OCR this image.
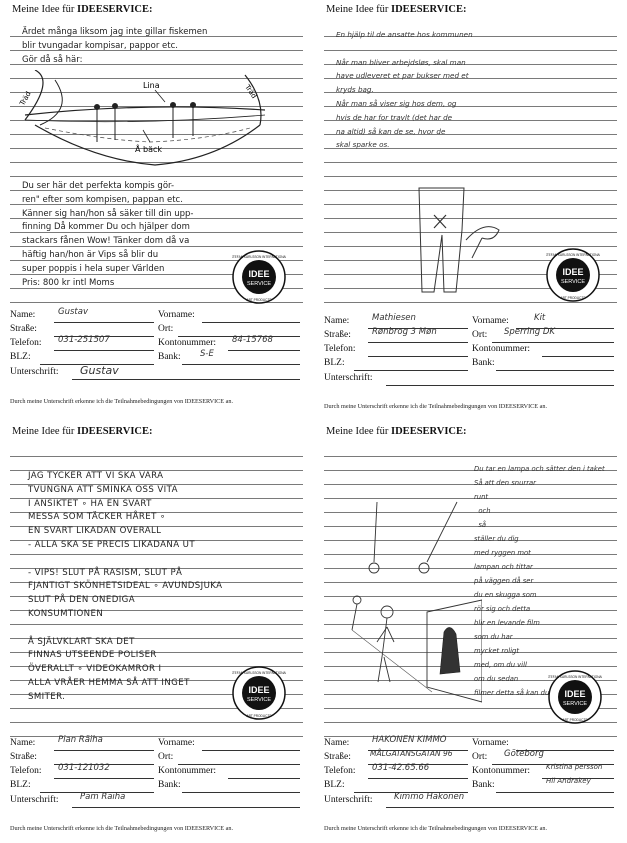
Meine Idee für IDEESERVICE:
Ärdet många liksom jag inte gillar fiskemen
blir tvungadar kompisar, pappor etc.
Gör då så här:
Lina
Å bäck
Träd	Träd
Du ser här det perfekta kompis gör-
ren" efter som kompisen, pappan etc.
Känner sig han/hon så säker till din upp-
finning Då kommer Du och hjälper dom
stackars fånen Wow! Tänker dom då va
häftig han/hon är Vips så blir du
super poppis i hela super Världen
Pris: 800 kr intl Moms
IDEE
SERVICE
STEFAN KARLSSON INTERNATIONAL
ART PRODUCTS
Name:	Gustav	Vorname:
Straße:	Ort:
Telefon: 031-251507	Kontonummer: 84-15768
BLZ:	Bank: S-E
Unterschrift: Gustav
Durch meine Unterschrift erkenne ich die Teilnahmebedingungen von IDEESERVICE an.
Meine Idee für IDEESERVICE:
En hjälp til de ansatte hos kommunen

Når man bliver arbejdsløs, skal man
have udleveret et par bukser med et
kryds bag.
Når man så viser sig hos dem, og
hvis de har for travlt (det har de
na altid) så kan de se, hvor de
skal sparke os.
IDEE
SERVICE
STEFAN KARLSSON INTERNATIONAL
ART PRODUCTS
Name:	Mathiesen	Vorname:	Kit
Straße: Rønbrog 3 Møn	Ort: Sperring DK
Telefon:	Kontonummer:
BLZ:	Bank:
Unterschrift:
Durch meine Unterschrift erkenne ich die Teilnahmebedingungen von IDEESERVICE an.
Meine Idee für IDEESERVICE:
JAG TYCKER ATT VI SKA VARA
TVUNGNA ATT SMINKA OSS VITA
I ANSIKTET ∘ HA EN SVART
MESSA SOM TÄCKER HÅRET ∘
EN SVART LIKADAN OVERALL
- ALLA SKA SE PRECIS LIKADANA UT

- VIPS! SLUT PÅ RASISM, SLUT PÅ
FJANTIGT SKÖNHETSIDEAL ∘ AVUNDSJUKA
SLUT PÅ DEN ONEDIGA
KONSUMTIONEN

Å SJÄLVKLART SKA DET
FINNAS UTSEENDE POLISER
ÖVERALLT ∘ VIDEOKAMROR I
ALLA VRÅER HEMMA SÅ ATT INGET
SMITER.
IDEE
SERVICE
STEFAN KARLSSON INTERNATIONAL
ART PRODUCTS
Name:	Pian Räiha	Vorname:
Straße:	Ort:
Telefon: 031-121032	Kontonummer:
BLZ:	Bank:
Unterschrift:	Pam Räiha
Durch meine Unterschrift erkenne ich die Teilnahmebedingungen von IDEESERVICE an.
Meine Idee für IDEESERVICE:
Du tar en lampa och sätter den i taket
Så att den snurrar
runt
och
så
ställer du dig
med ryggen mot
lampan och tittar
på väggen då ser
du en skugga som
rör sig och detta
blir en levande film
som du har
mycket roligt
med, om du vill
om du sedan
filmer detta så kan du	IDEE
SERVICE
STEFAN KARLSSON INTERNATIONAL
ART PRODUCTS
Name:	HAKONEN KIMMO	Vorname:
Straße:	MÅLGATANSGATAN 96 Ort: Göteborg
Telefon: 031-42.65.66	Kontonummer: Kristina persson
BLZ:	Bank:	Hil Andrakey
Unterschrift:	Kimmo Hakonen
Durch meine Unterschrift erkenne ich die Teilnahmebedingungen von IDEESERVICE an.
